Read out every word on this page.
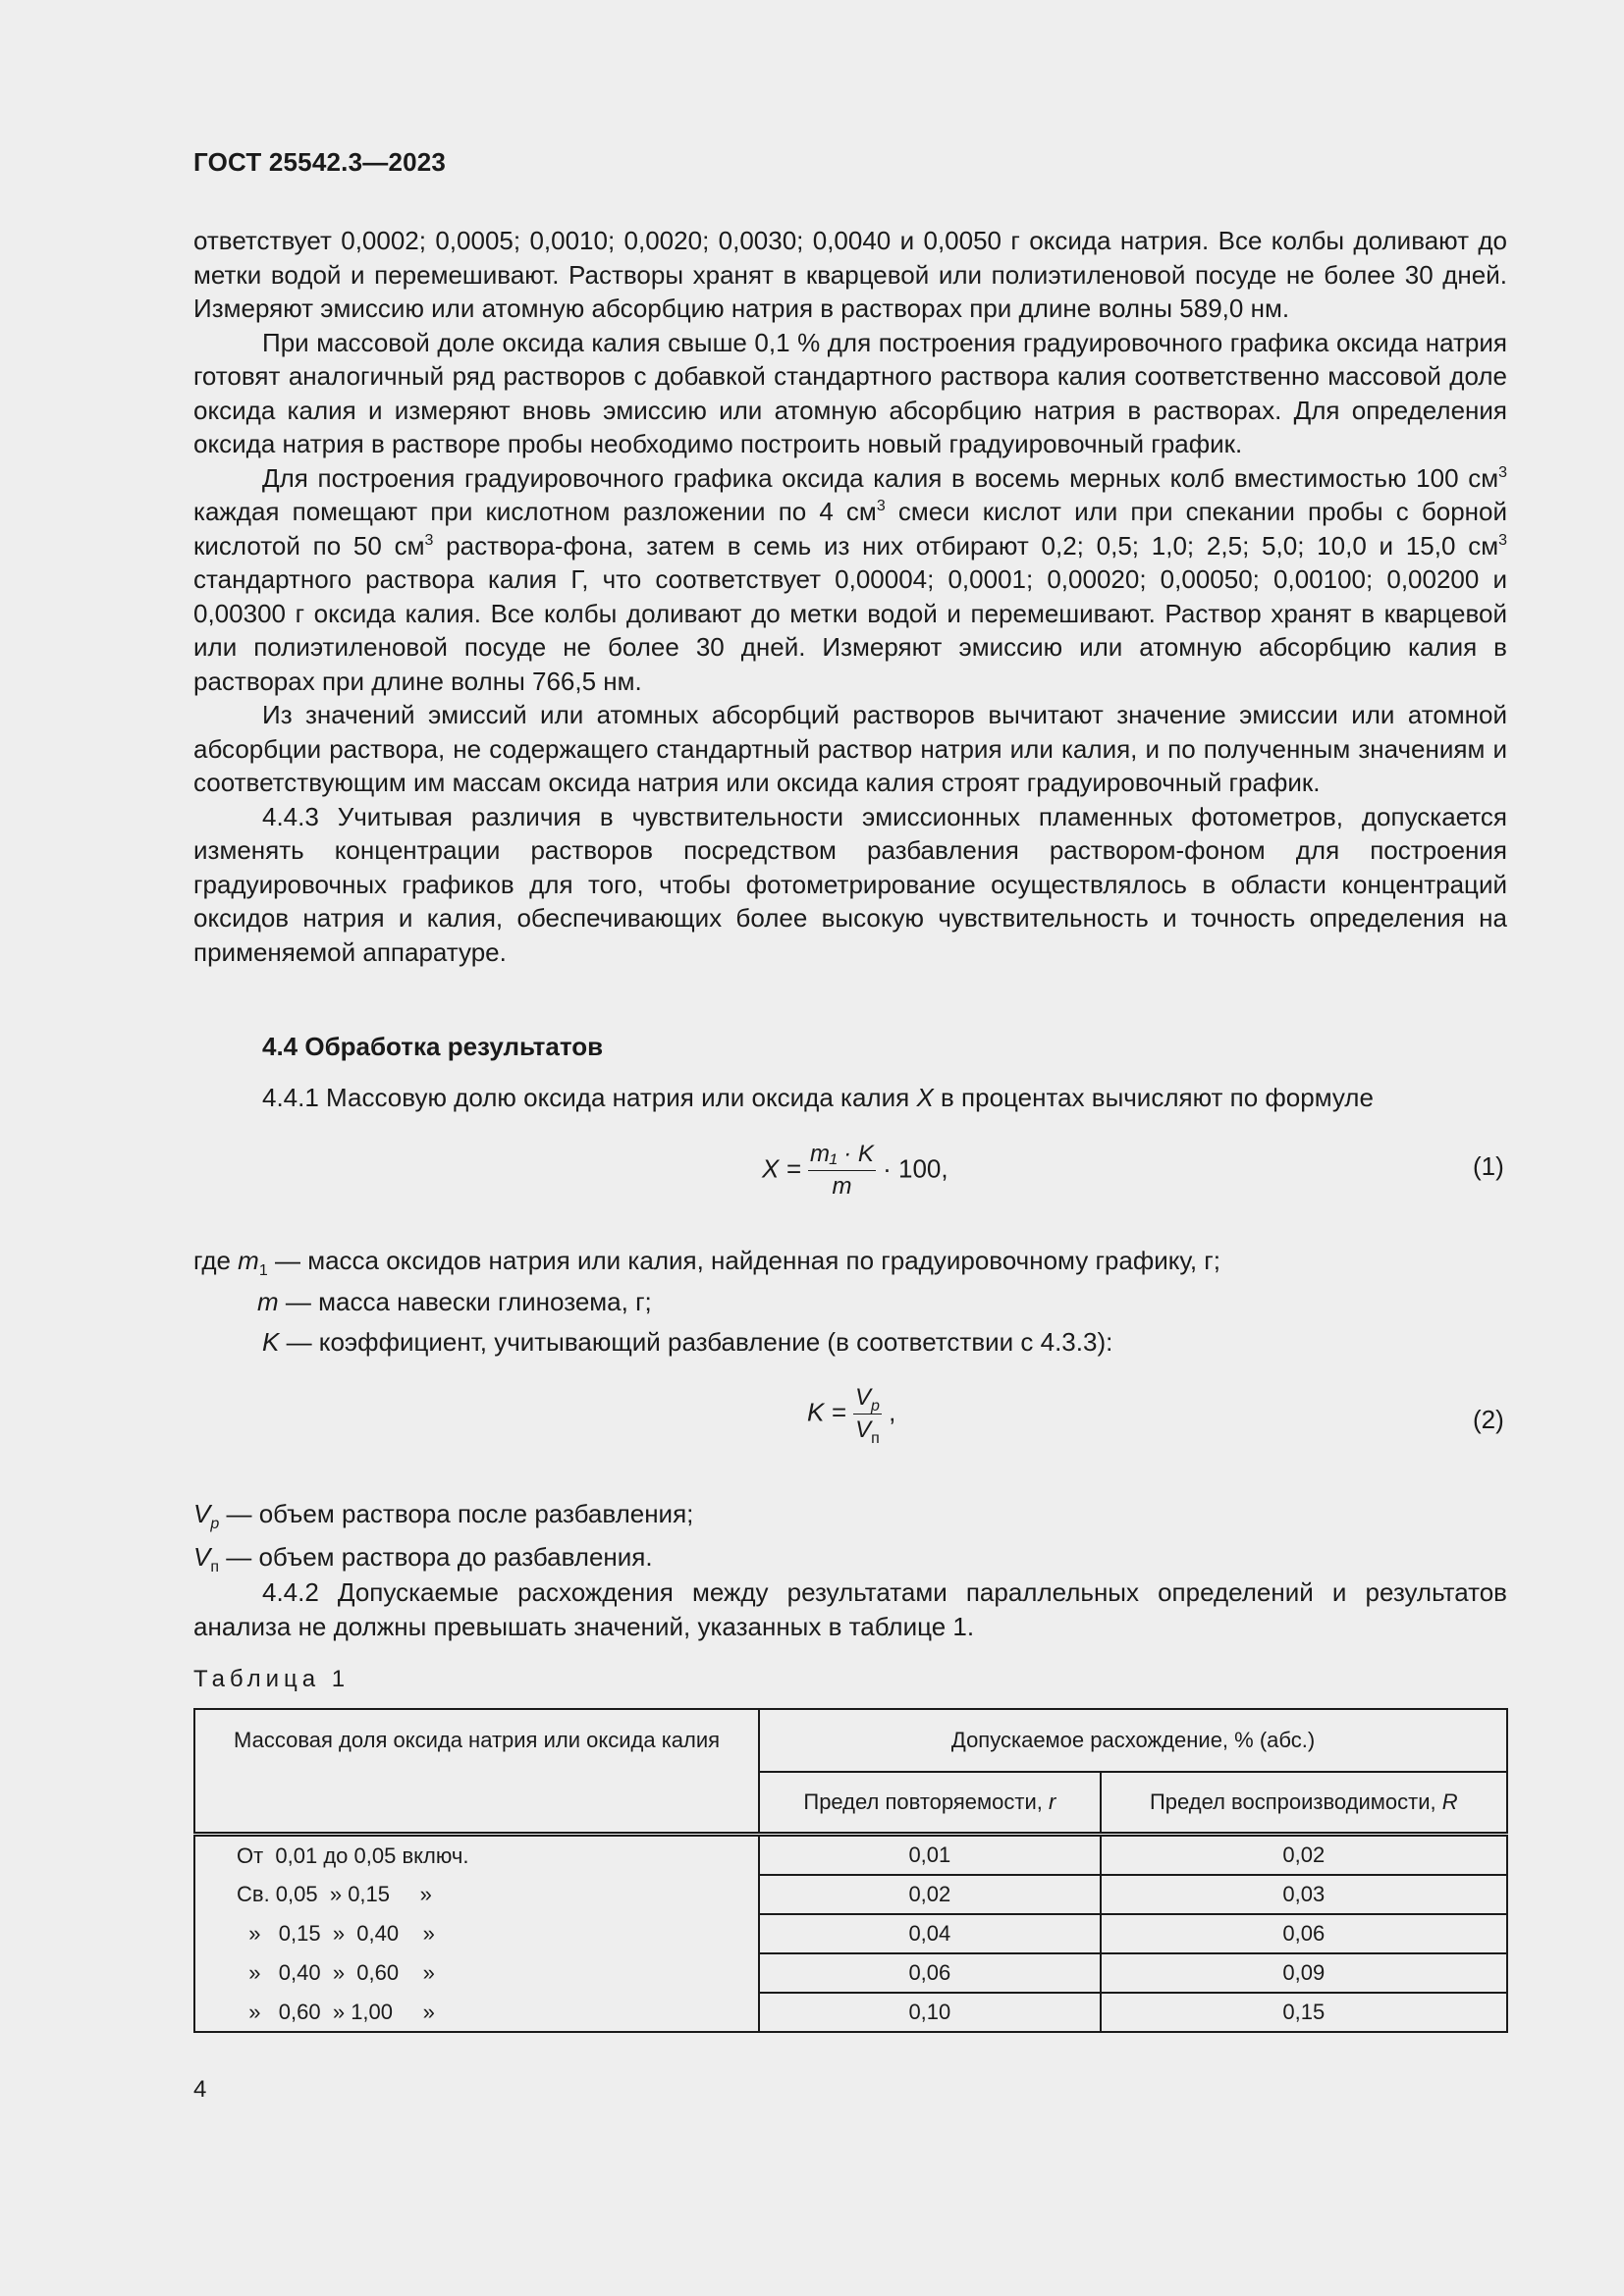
ГОСТ 25542.3—2023

ответствует 0,0002; 0,0005; 0,0010; 0,0020; 0,0030; 0,0040 и 0,0050 г оксида натрия. Все колбы доливают до метки водой и перемешивают. Растворы хранят в кварцевой или полиэтиленовой посуде не более 30 дней. Измеряют эмиссию или атомную абсорбцию натрия в растворах при длине волны 589,0 нм.

При массовой доле оксида калия свыше 0,1 % для построения градуировочного графика оксида натрия готовят аналогичный ряд растворов с добавкой стандартного раствора калия соответственно массовой доле оксида калия и измеряют вновь эмиссию или атомную абсорбцию натрия в растворах. Для определения оксида натрия в растворе пробы необходимо построить новый градуировочный график.

Для построения градуировочного графика оксида калия в восемь мерных колб вместимостью 100 $см^3$ каждая помещают при кислотном разложении по 4 $см^3$ смеси кислот или при спекании пробы с борной кислотой по 50 $см^3$ раствора-фона, затем в семь из них отбирают 0,2; 0,5; 1,0; 2,5; 5,0; 10,0 и 15,0 $см^3$ стандартного раствора калия Г, что соответствует 0,00004; 0,0001; 0,00020; 0,00050; 0,00100; 0,00200 и 0,00300 г оксида калия. Все колбы доливают до метки водой и перемешивают. Раствор хранят в кварцевой или полиэтиленовой посуде не более 30 дней. Измеряют эмиссию или атомную абсорбцию калия в растворах при длине волны 766,5 нм.

Из значений эмиссий или атомных абсорбций растворов вычитают значение эмиссии или атомной абсорбции раствора, не содержащего стандартный раствор натрия или калия, и по полученным значениям и соответствующим им массам оксида натрия или оксида калия строят градуировочный график.

4.4.3 Учитывая различия в чувствительности эмиссионных пламенных фотометров, допускается изменять концентрации растворов посредством разбавления раствором-фоном для построения градуировочных графиков для того, чтобы фотометрирование осуществлялось в области концентраций оксидов натрия и калия, обеспечивающих более высокую чувствительность и точность определения на применяемой аппаратуре.

4.4 Обработка результатов
4.4.1 Массовую долю оксида натрия или оксида калия X в процентах вычисляют по формуле
$X = \frac{\text{m₁ · K}}{m} \cdot 100$,	(1)
где $m_1$ — масса оксидов натрия или калия, найденная по градуировочному графику, г;
m — масса навески глинозема, г;
K — коэффициент, учитывающий разбавление (в соответствии с 4.3.3):
$K = \frac{V_p}{V_п}$ ,	(2)
$V_p$ — объем раствора после разбавления;
$V_п$ — объем раствора до разбавления.

4.4.2 Допускаемые расхождения между результатами параллельных определений и результатов анализа не должны превышать значений, указанных в таблице 1.

Таблица 1
Массовая доля оксида натрия или оксида калия	Допускаемое расхождение, % (абс.)	
	Предел повторяемости, r	Предел воспроизводимости, R
От  0,01 до 0,05 включ.	0,01	0,02
Св. 0,05  » 0,15     »	0,02	0,03
»   0,15  »  0,40    »	0,04	0,06
»   0,40  »  0,60    »	0,06	0,09
»   0,60  » 1,00     »	0,10	0,15
4
